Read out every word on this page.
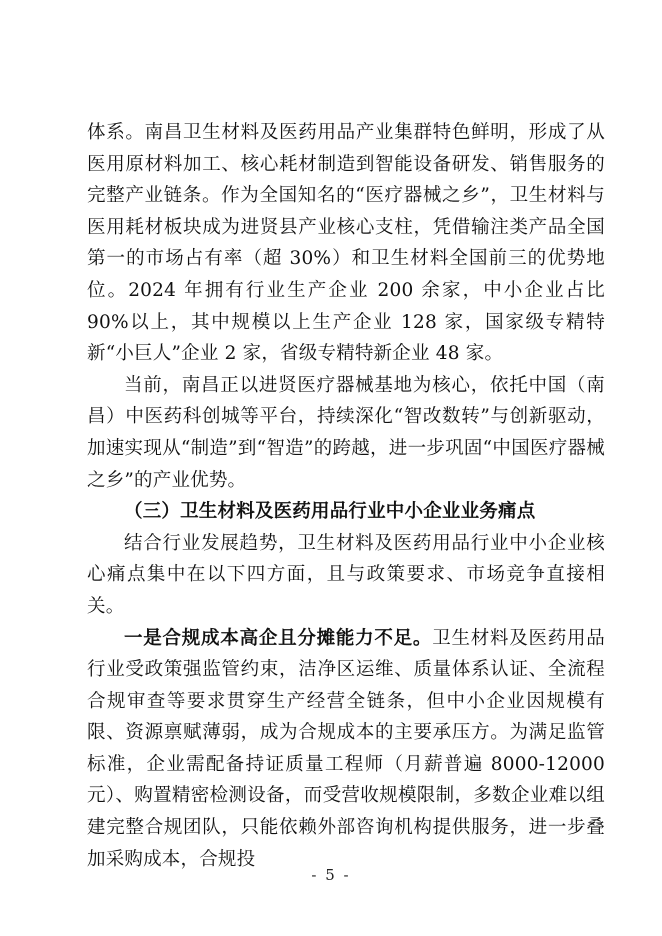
体系。南昌卫生材料及医药用品产业集群特色鲜明，形成了从医用原材料加工、核心耗材制造到智能设备研发、销售服务的完整产业链条。作为全国知名的“医疗器械之乡”，卫生材料与医用耗材板块成为进贤县产业核心支柱，凭借输注类产品全国第一的市场占有率（超 30%）和卫生材料全国前三的优势地位。2024 年拥有行业生产企业 200 余家，中小企业占比 90%以上，其中规模以上生产企业 128 家，国家级专精特新“小巨人”企业 2 家，省级专精特新企业 48 家。

当前，南昌正以进贤医疗器械基地为核心，依托中国（南昌）中医药科创城等平台，持续深化“智改数转”与创新驱动，加速实现从“制造”到“智造”的跨越，进一步巩固“中国医疗器械之乡”的产业优势。

（三）卫生材料及医药用品行业中小企业业务痛点

结合行业发展趋势，卫生材料及医药用品行业中小企业核心痛点集中在以下四方面，且与政策要求、市场竞争直接相关。

一是合规成本高企且分摊能力不足。卫生材料及医药用品行业受政策强监管约束，洁净区运维、质量体系认证、全流程合规审查等要求贯穿生产经营全链条，但中小企业因规模有限、资源禀赋薄弱，成为合规成本的主要承压方。为满足监管标准，企业需配备持证质量工程师（月薪普遍 8000-12000 元）、购置精密检测设备，而受营收规模限制，多数企业难以组建完整合规团队，只能依赖外部咨询机构提供服务，进一步叠加采购成本，合规投

- 5 -
